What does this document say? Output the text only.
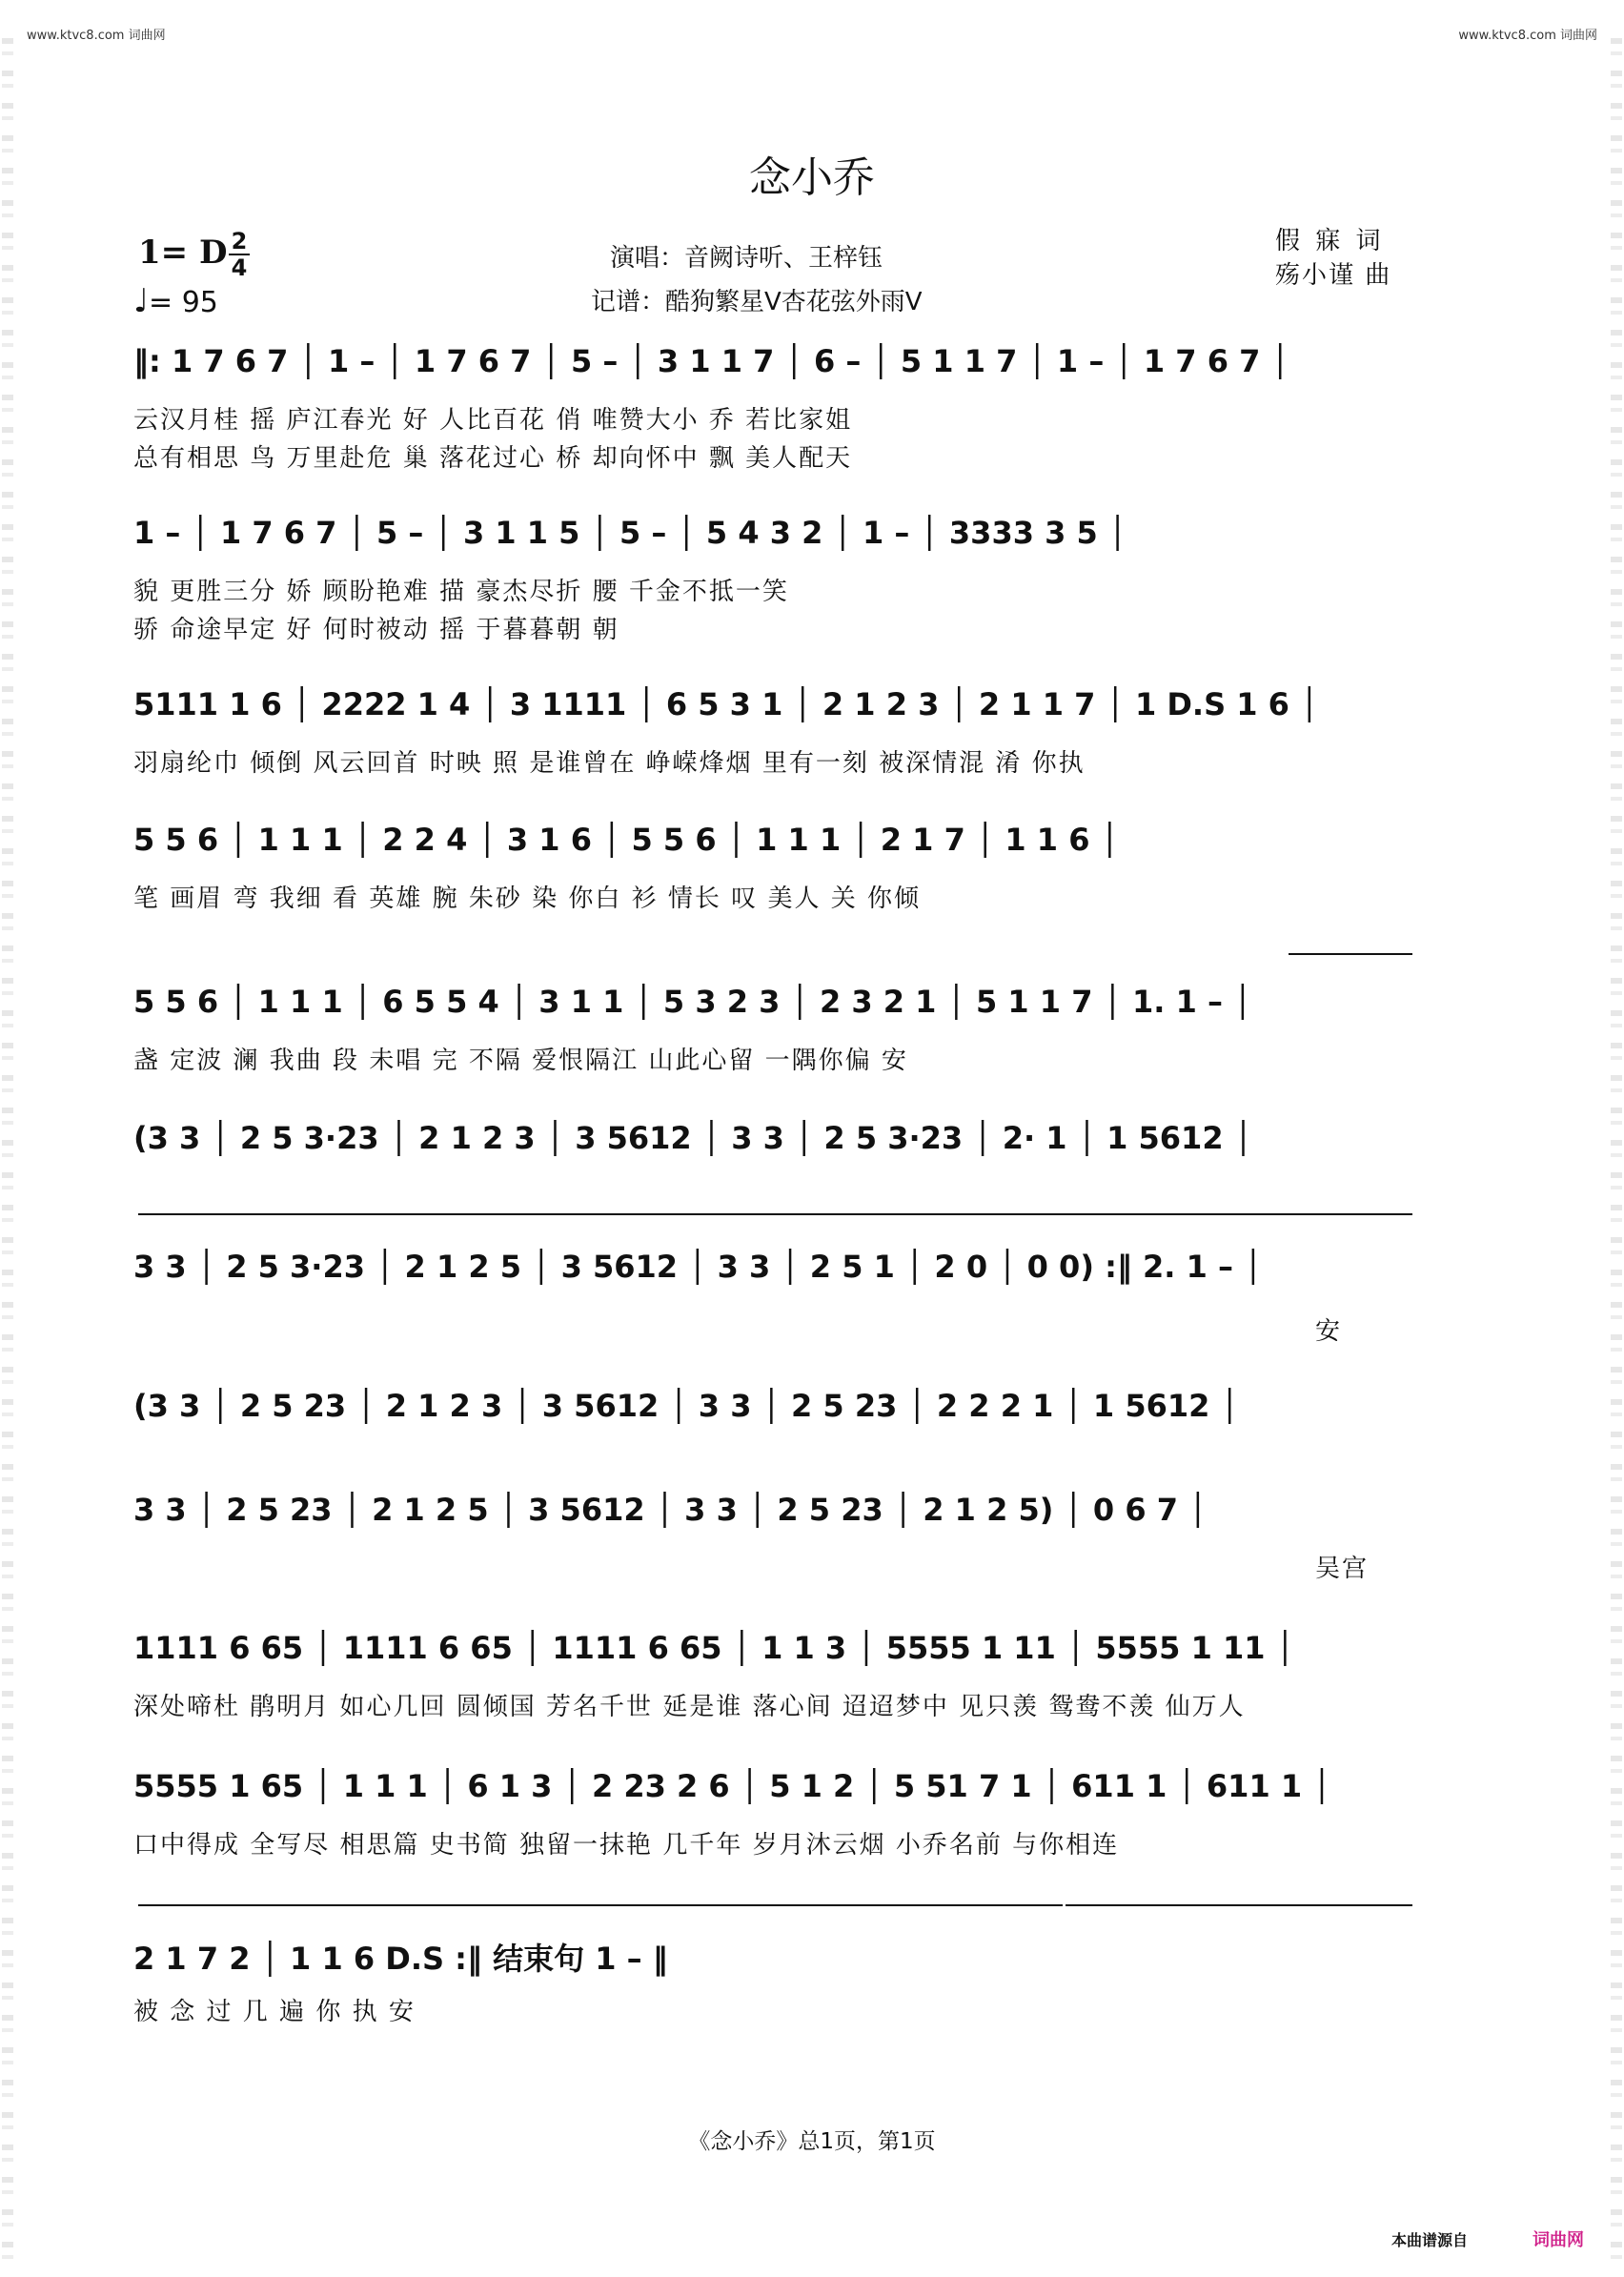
www.ktvc8.com 词曲网	www.ktvc8.com 词曲网
念小乔
1= D 2
4
♩= 95
演唱：音阙诗听、王梓钰
记谱：酷狗繁星V杏花弦外雨V
假 寐 词
殇小谨 曲
‖: 1 7 6 7 │ 1 – │ 1 7 6 7 │ 5 – │ 3 1 1 7 │ 6 – │ 5 1 1 7 │ 1 – │ 1 7 6 7 │
云汉月桂 摇 庐江春光 好 人比百花 俏 唯赞大小 乔 若比家姐
总有相思 鸟 万里赴危 巢 落花过心 桥 却向怀中 飘 美人配天
1 – │ 1 7 6 7 │ 5 – │ 3 1 1 5 │ 5 – │ 5 4 3 2 │ 1 – │ 3333 3 5 │
貌 更胜三分 娇 顾盼艳难 描 豪杰尽折 腰 千金不抵一笑
骄 命途早定 好 何时被动 摇 于暮暮朝 朝
5111 1 6 │ 2222 1 4 │ 3 1111 │ 6 5 3 1 │ 2 1 2 3 │ 2 1 1 7 │ 1 D.S 1 6 │
羽扇纶巾 倾倒 风云回首 时映 照 是谁曾在 峥嵘烽烟 里有一刻 被深情混 淆 你执
5 5 6 │ 1 1 1 │ 2 2 4 │ 3 1 6 │ 5 5 6 │ 1 1 1 │ 2 1 7 │ 1 1 6 │
笔 画眉 弯 我细 看 英雄 腕 朱砂 染 你白 衫 情长 叹 美人 关 你倾
5 5 6 │ 1 1 1 │ 6 5 5 4 │ 3 1 1 │ 5 3 2 3 │ 2 3 2 1 │ 5 1 1 7 │ 1. 1 – │
盏 定波 澜 我曲 段 未唱 完 不隔 爱恨隔江 山此心留 一隅你偏 安
(3 3 │ 2 5 3·23 │ 2 1 2 3 │ 3 5612 │ 3 3 │ 2 5 3·23 │ 2· 1 │ 1 5612 │
3 3 │ 2 5 3·23 │ 2 1 2 5 │ 3 5612 │ 3 3 │ 2 5 1 │ 2 0 │ 0 0) :‖ 2. 1 – │
安
(3 3 │ 2 5 23 │ 2 1 2 3 │ 3 5612 │ 3 3 │ 2 5 23 │ 2 2 2 1 │ 1 5612 │
3 3 │ 2 5 23 │ 2 1 2 5 │ 3 5612 │ 3 3 │ 2 5 23 │ 2 1 2 5) │ 0 6 7 │
吴宫
1111 6 65 │ 1111 6 65 │ 1111 6 65 │ 1 1 3 │ 5555 1 11 │ 5555 1 11 │
深处啼杜 鹃明月 如心几回 圆倾国 芳名千世 延是谁 落心间 迢迢梦中 见只羡 鸳鸯不羡 仙万人
5555 1 65 │ 1 1 1 │ 6 1 3 │ 2 23 2 6 │ 5 1 2 │ 5 51 7 1 │ 611 1 │ 611 1 │
口中得成 全写尽 相思篇 史书简 独留一抹艳 几千年 岁月沐云烟 小乔名前 与你相连
2 1 7 2 │ 1 1 6 D.S :‖ 结束句 1 – ‖
被 念 过 几 遍 你 执 安
《念小乔》总1页，第1页
本曲谱源自	词曲网
